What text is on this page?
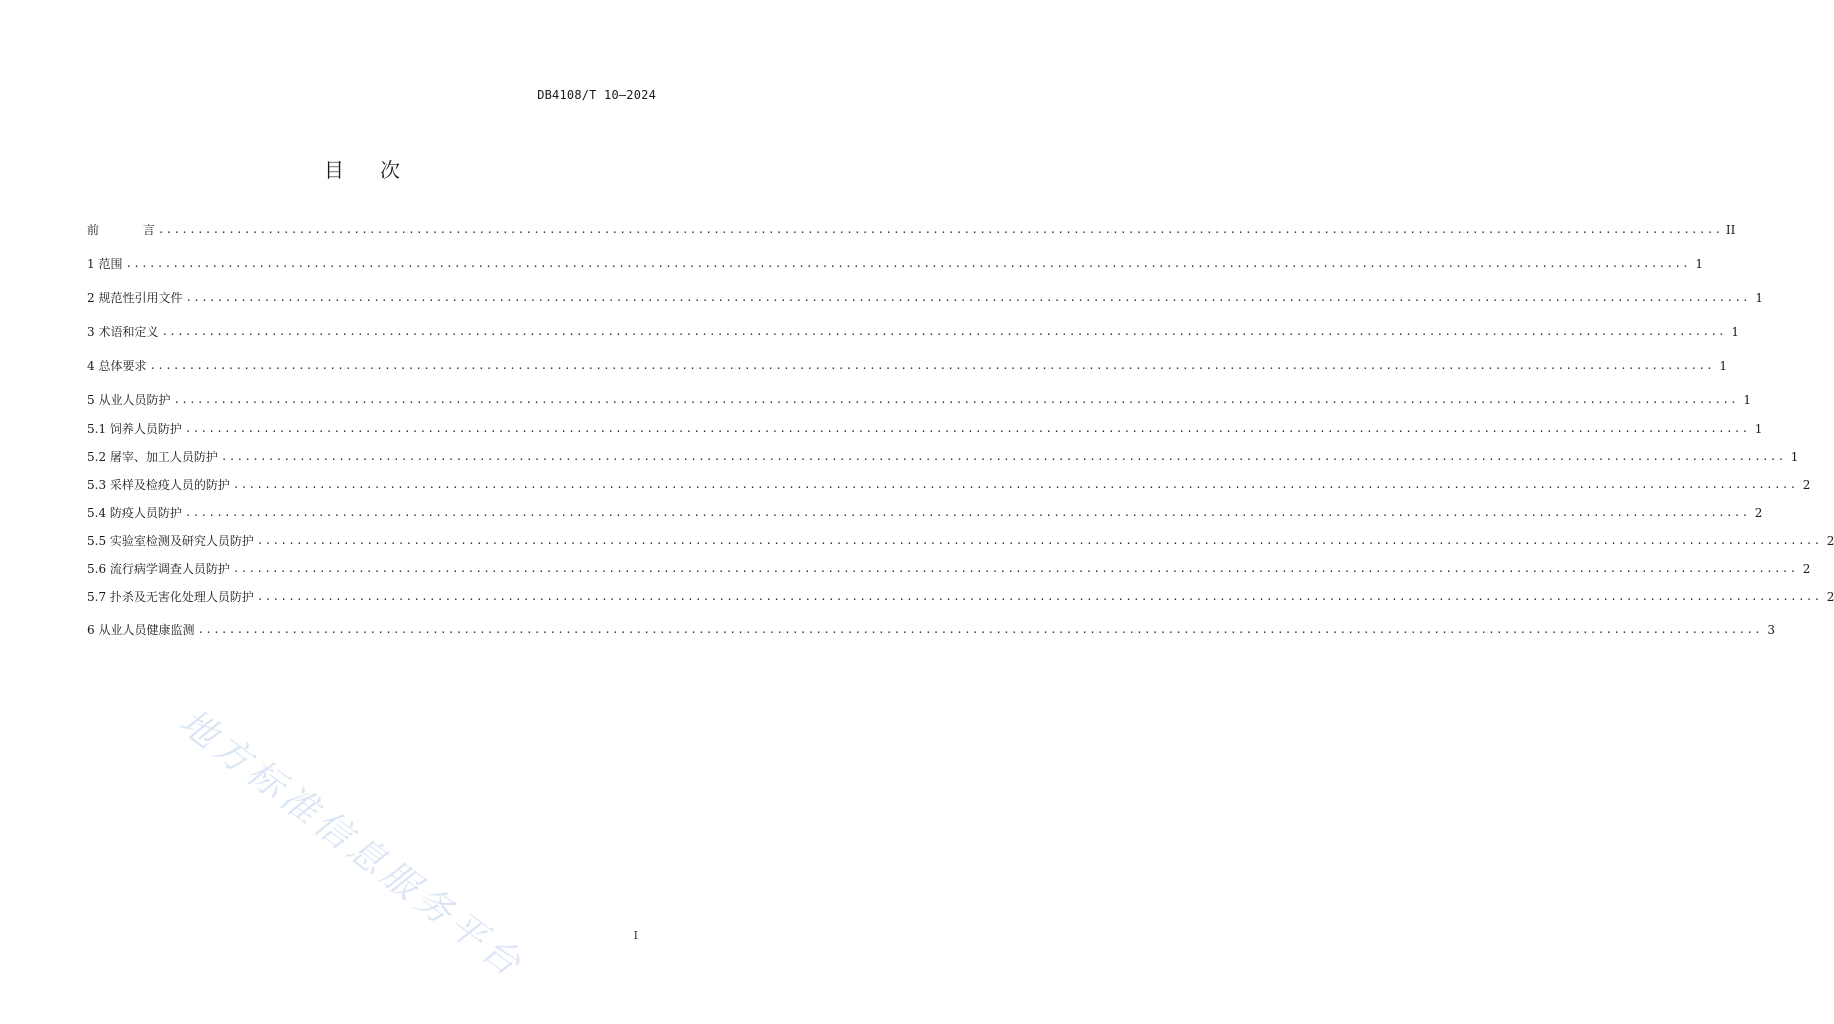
DB4108/T 10—2024
目 次
前 言 ........................................................................................................................................................................................................ II
1 范围 ........................................................................................................................................................................................................ 1
2 规范性引用文件 ........................................................................................................................................................................................................ 1
3 术语和定义 ........................................................................................................................................................................................................ 1
4 总体要求 ........................................................................................................................................................................................................ 1
5 从业人员防护 ........................................................................................................................................................................................................ 1
5.1 饲养人员防护 ........................................................................................................................................................................................................ 1
5.2 屠宰、加工人员防护 ........................................................................................................................................................................................................ 1
5.3 采样及检疫人员的防护 ........................................................................................................................................................................................................ 2
5.4 防疫人员防护 ........................................................................................................................................................................................................ 2
5.5 实验室检测及研究人员防护 ........................................................................................................................................................................................................ 2
5.6 流行病学调查人员防护 ........................................................................................................................................................................................................ 2
5.7 扑杀及无害化处理人员防护 ........................................................................................................................................................................................................ 2
6 从业人员健康监测 ........................................................................................................................................................................................................ 3
地方标准信息服务平台	I
